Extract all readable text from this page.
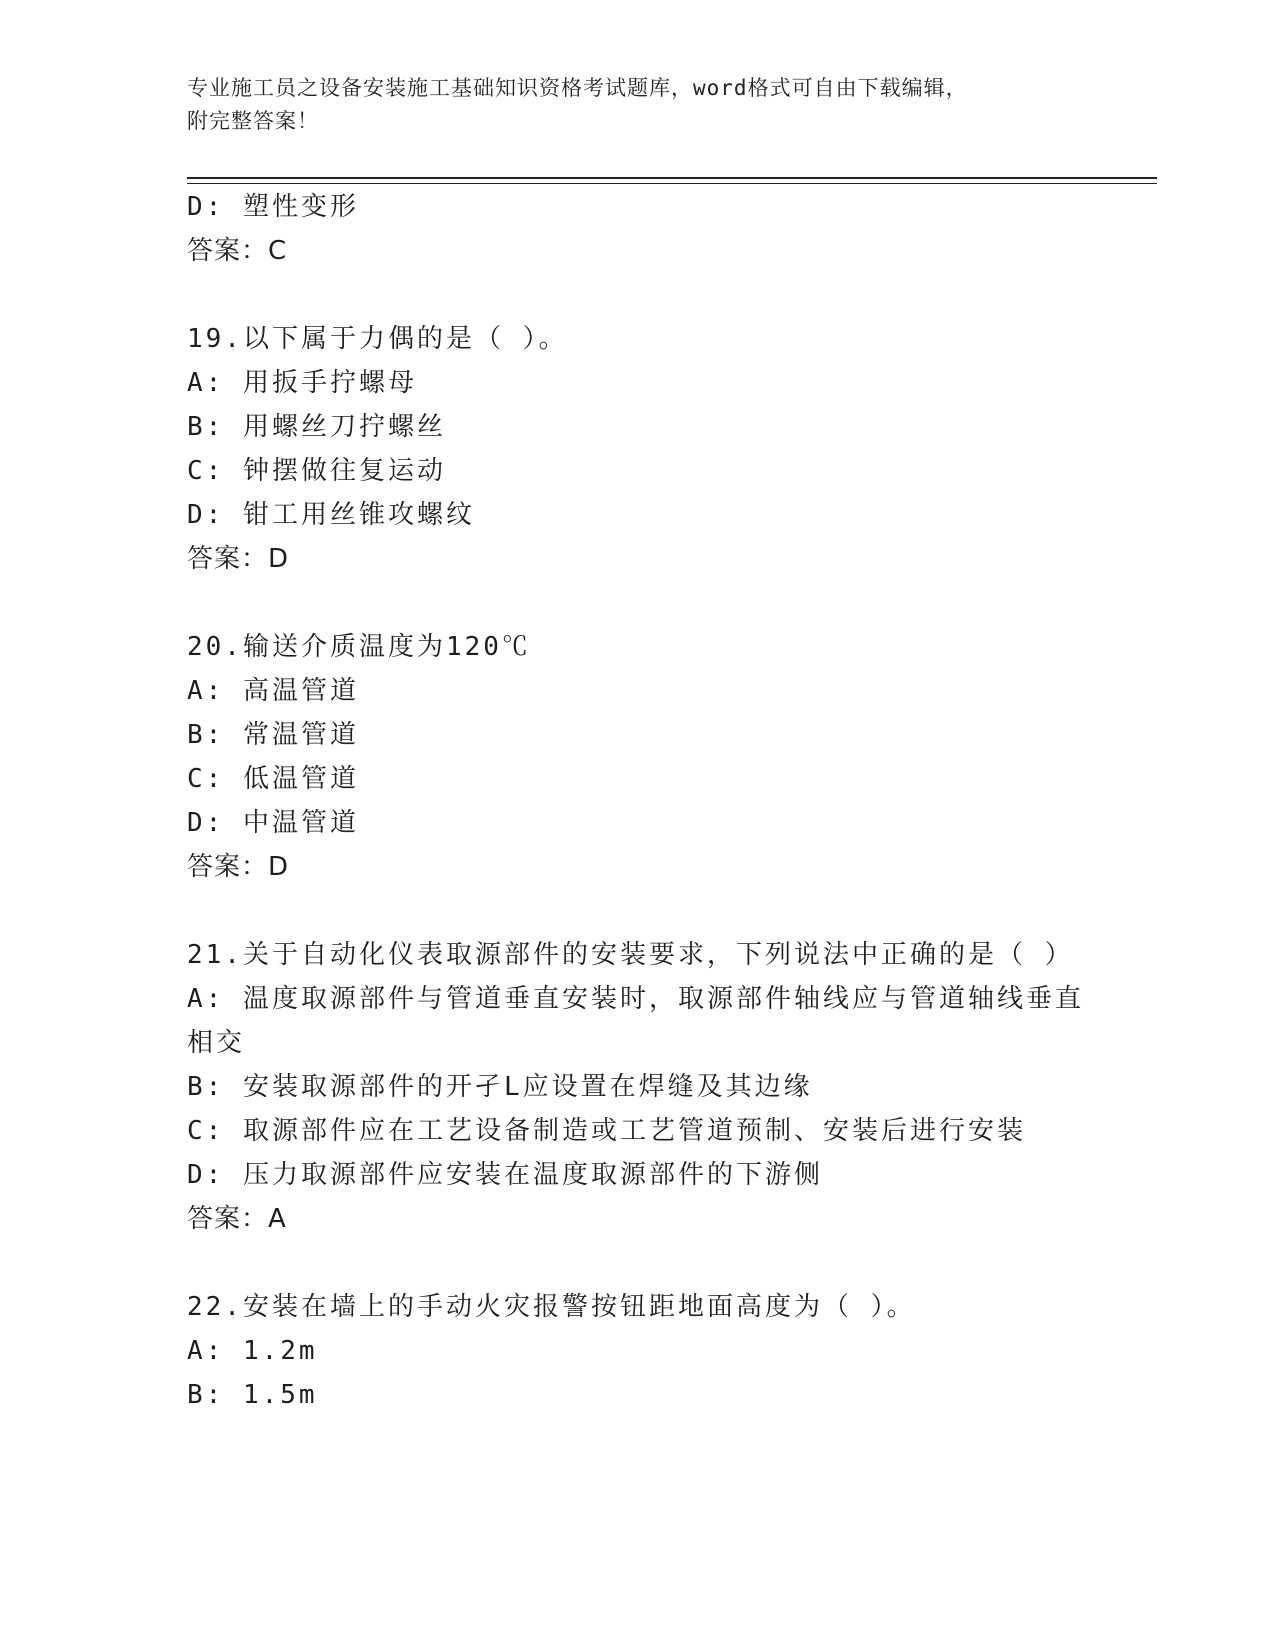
专业施工员之设备安装施工基础知识资格考试题库，word格式可自由下载编辑，
附完整答案！
D: 塑性变形
答案：C
19.以下属于力偶的是（ ）。
A: 用扳手拧螺母
B: 用螺丝刀拧螺丝
C: 钟摆做往复运动
D: 钳工用丝锥攻螺纹
答案：D
20.输送介质温度为120℃
A: 高温管道
B: 常温管道
C: 低温管道
D: 中温管道
答案：D
21.关于自动化仪表取源部件的安装要求，下列说法中正确的是（ ）
A: 温度取源部件与管道垂直安装时，取源部件轴线应与管道轴线垂直
相交
B: 安装取源部件的开孑L应设置在焊缝及其边缘
C: 取源部件应在工艺设备制造或工艺管道预制、安装后进行安装
D: 压力取源部件应安装在温度取源部件的下游侧
答案：A
22.安装在墙上的手动火灾报警按钮距地面高度为（ ）。
A: 1.2m
B: 1.5m
